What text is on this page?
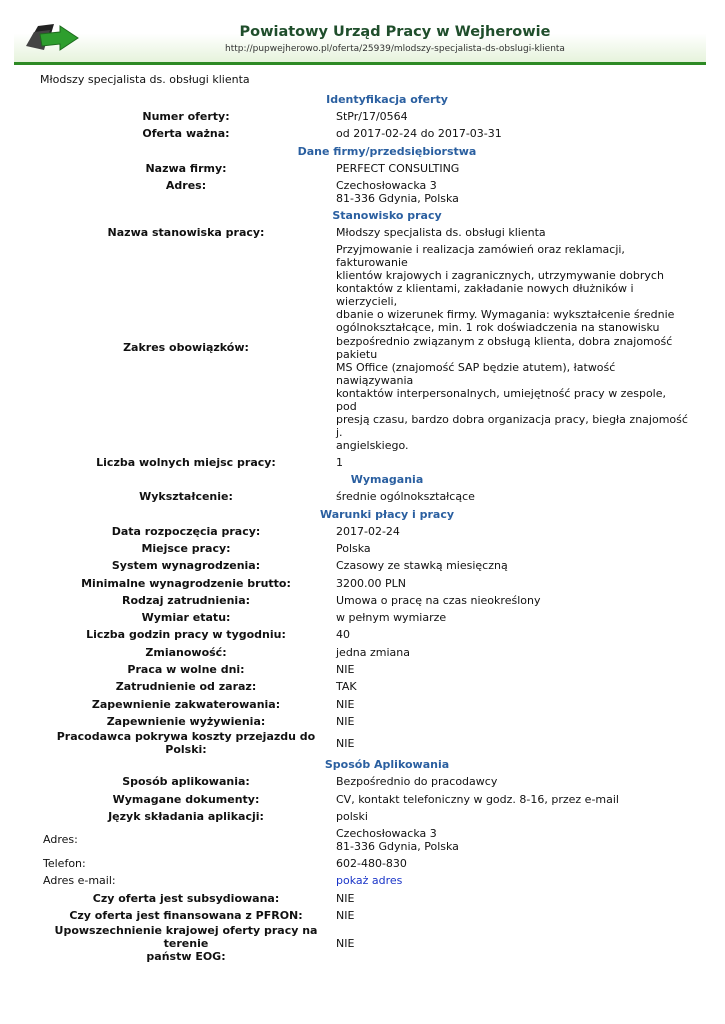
Powiatowy Urząd Pracy w Wejherowie
http://pupwejherowo.pl/oferta/25939/mlodszy-specjalista-ds-obslugi-klienta
Młodszy specjalista ds. obsługi klienta
Identyfikacja oferty
Numer oferty:	StPr/17/0564
Oferta ważna:	od 2017-02-24 do 2017-03-31
Dane firmy/przedsiębiorstwa
Nazwa firmy:	PERFECT CONSULTING
Adres:	Czechosłowacka 3
81-336 Gdynia, Polska
Stanowisko pracy
Nazwa stanowiska pracy:	Młodszy specjalista ds. obsługi klienta
Zakres obowiązków:
Przyjmowanie i realizacja zamówień oraz reklamacji, fakturowanie
klientów krajowych i zagranicznych, utrzymywanie dobrych
kontaktów z klientami, zakładanie nowych dłużników i wierzycieli,
dbanie o wizerunek firmy. Wymagania: wykształcenie średnie
ogólnokształcące, min. 1 rok doświadczenia na stanowisku
bezpośrednio związanym z obsługą klienta, dobra znajomość pakietu
MS Office (znajomość SAP będzie atutem), łatwość nawiązywania
kontaktów interpersonalnych, umiejętność pracy w zespole, pod
presją czasu, bardzo dobra organizacja pracy, biegła znajomość j.
angielskiego.
Liczba wolnych miejsc pracy:	1
Wymagania
Wykształcenie:	średnie ogólnokształcące
Warunki płacy i pracy
Data rozpoczęcia pracy:	2017-02-24
Miejsce pracy:	Polska
System wynagrodzenia:	Czasowy ze stawką miesięczną
Minimalne wynagrodzenie brutto:	3200.00 PLN
Rodzaj zatrudnienia:	Umowa o pracę na czas nieokreślony
Wymiar etatu:	w pełnym wymiarze
Liczba godzin pracy w tygodniu:	40
Zmianowość:	jedna zmiana
Praca w wolne dni:	NIE
Zatrudnienie od zaraz:	TAK
Zapewnienie zakwaterowania:	NIE
Zapewnienie wyżywienia:	NIE
Pracodawca pokrywa koszty przejazdu do Polski:	NIE
Sposób Aplikowania
Sposób aplikowania:	Bezpośrednio do pracodawcy
Wymagane dokumenty:	CV, kontakt telefoniczny w godz. 8-16, przez e-mail
Język składania aplikacji:	polski
Adres:	Czechosłowacka 3
81-336 Gdynia, Polska
Telefon:	602-480-830
Adres e-mail:	pokaż adres
Czy oferta jest subsydiowana:	NIE
Czy oferta jest finansowana z PFRON:	NIE
Upowszechnienie krajowej oferty pracy na terenie
państw EOG:
NIE
